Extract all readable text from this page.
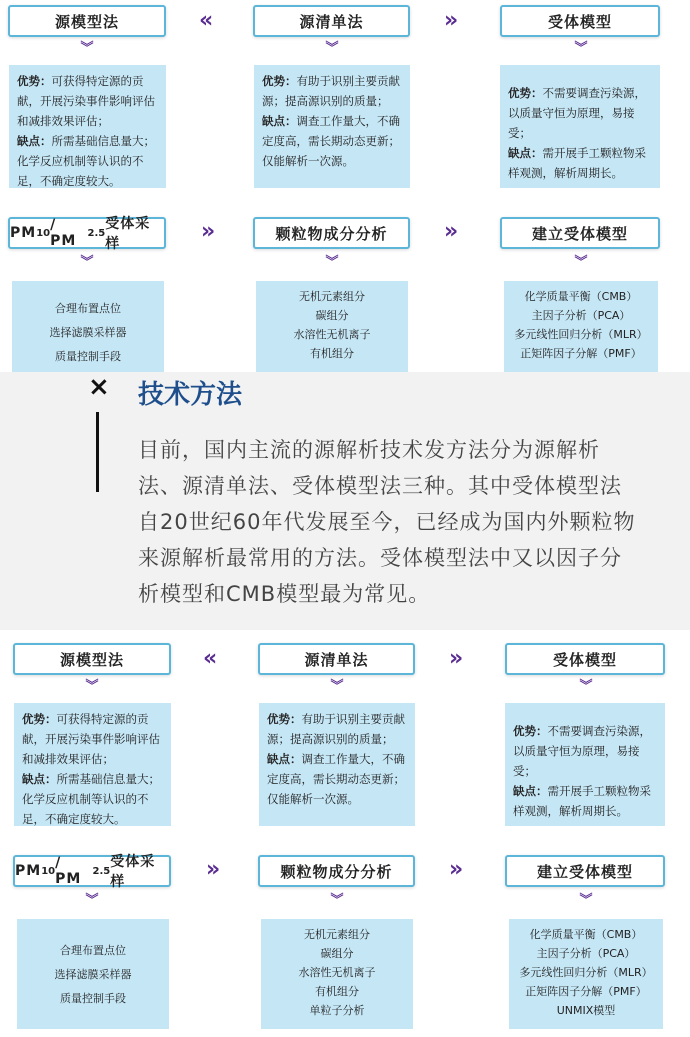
源模型法	«	源清单法	»	受体模型
︾	︾	︾

优势：可获得特定源的贡献，开展污染事件影响评估和减排效果评估；

缺点：所需基础信息量大；化学反应机制等认识的不足，不确定度较大。

优势：有助于识别主要贡献源；提高源识别的质量；

缺点：调查工作量大，不确定度高，需长期动态更新；仅能解析一次源。

优势：不需要调查污染源，以质量守恒为原理，易接受；

缺点：需开展手工颗粒物采样观测，解析周期长。

PM 10 / PM	2.5
受体采样	»	颗粒物成分分析	»	建立受体模型
︾	︾	︾

合理布置点位

选择滤膜采样器

质量控制手段

无机元素组分

碳组分

水溶性无机离子

有机组分

化学质量平衡（CMB）

主因子分析（PCA）

多元线性回归分析（MLR）

正矩阵因子分解（PMF）

× 技术方法
目前，国内主流的源解析技术发方法分为源解析法、源清单法、受体模型法三种。其中受体模型法自20世纪60年代发展至今，已经成为国内外颗粒物来源解析最常用的方法。受体模型法中又以因子分析模型和CMB模型最为常见。
源模型法	«	源清单法	»	受体模型
︾	︾	︾

优势：可获得特定源的贡献，开展污染事件影响评估和减排效果评估；

缺点：所需基础信息量大；化学反应机制等认识的不足，不确定度较大。

优势：有助于识别主要贡献源；提高源识别的质量；

缺点：调查工作量大，不确定度高，需长期动态更新；仅能解析一次源。

优势：不需要调查污染源，以质量守恒为原理，易接受；

缺点：需开展手工颗粒物采样观测，解析周期长。

PM 10 / PM	2.5
受体采样	»	颗粒物成分分析	»	建立受体模型
︾	︾	︾

合理布置点位

选择滤膜采样器

质量控制手段

无机元素组分

碳组分

水溶性无机离子

有机组分

单粒子分析

化学质量平衡（CMB）

主因子分析（PCA）

多元线性回归分析（MLR）

正矩阵因子分解（PMF）

UNMIX模型
